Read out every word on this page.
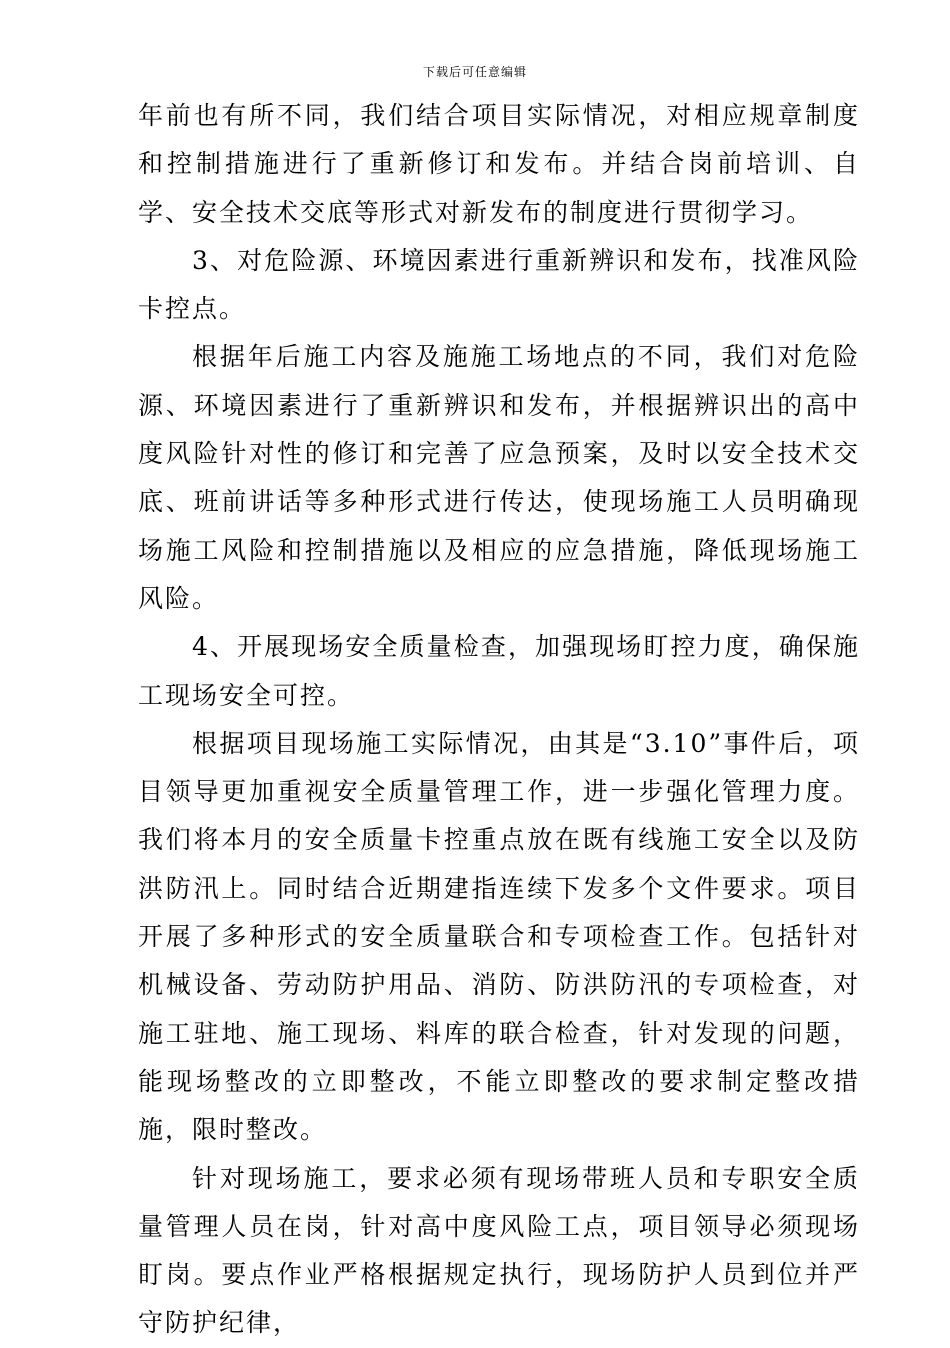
下载后可任意编辑

年前也有所不同，我们结合项目实际情况，对相应规章制度和控制措施进行了重新修订和发布。并结合岗前培训、自学、安全技术交底等形式对新发布的制度进行贯彻学习。

3、对危险源、环境因素进行重新辨识和发布，找准风险卡控点。

根据年后施工内容及施施工场地点的不同，我们对危险源、环境因素进行了重新辨识和发布，并根据辨识出的高中度风险针对性的修订和完善了应急预案，及时以安全技术交底、班前讲话等多种形式进行传达，使现场施工人员明确现场施工风险和控制措施以及相应的应急措施，降低现场施工风险。

4、开展现场安全质量检查，加强现场盯控力度，确保施工现场安全可控。

根据项目现场施工实际情况，由其是“3.10”事件后，项目领导更加重视安全质量管理工作，进一步强化管理力度。我们将本月的安全质量卡控重点放在既有线施工安全以及防洪防汛上。同时结合近期建指连续下发多个文件要求。项目开展了多种形式的安全质量联合和专项检查工作。包括针对机械设备、劳动防护用品、消防、防洪防汛的专项检查，对施工驻地、施工现场、料库的联合检查，针对发现的问题，能现场整改的立即整改，不能立即整改的要求制定整改措施，限时整改。

针对现场施工，要求必须有现场带班人员和专职安全质量管理人员在岗，针对高中度风险工点，项目领导必须现场盯岗。要点作业严格根据规定执行，现场防护人员到位并严守防护纪律，
